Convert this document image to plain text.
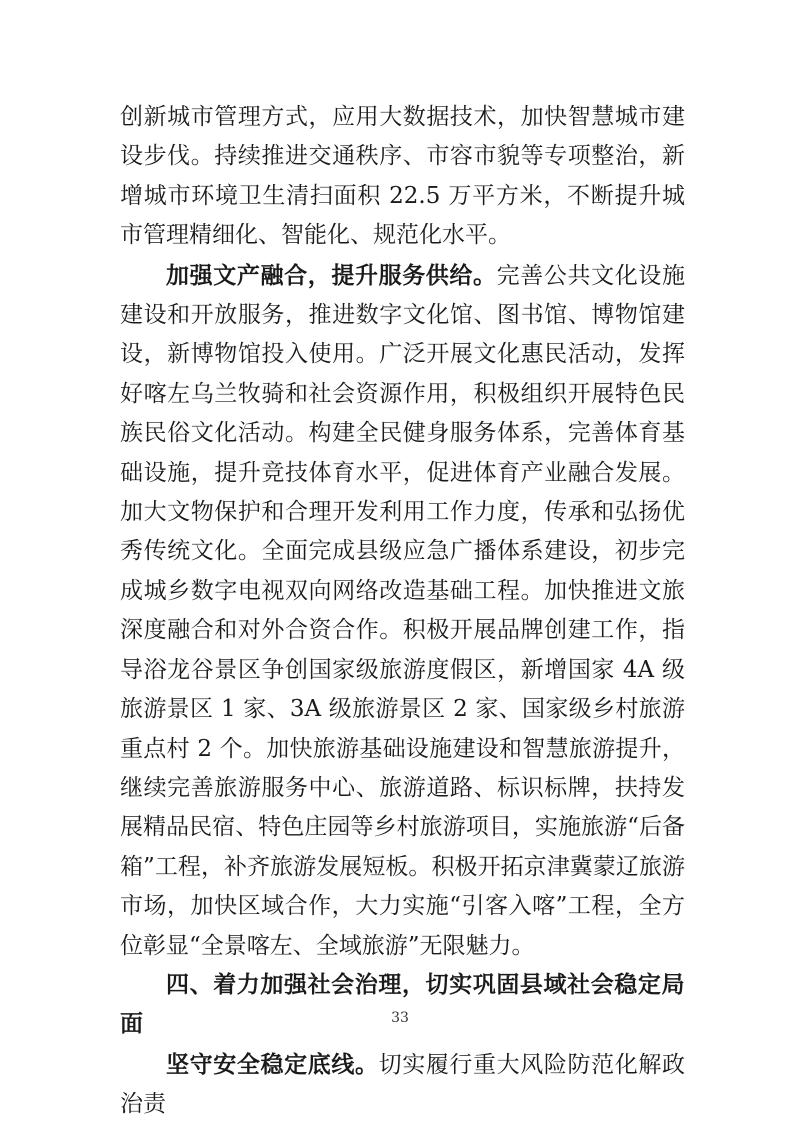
创新城市管理方式，应用大数据技术，加快智慧城市建设步伐。持续推进交通秩序、市容市貌等专项整治，新增城市环境卫生清扫面积 22.5 万平方米，不断提升城市管理精细化、智能化、规范化水平。

加强文产融合，提升服务供给。完善公共文化设施建设和开放服务，推进数字文化馆、图书馆、博物馆建设，新博物馆投入使用。广泛开展文化惠民活动，发挥好喀左乌兰牧骑和社会资源作用，积极组织开展特色民族民俗文化活动。构建全民健身服务体系，完善体育基础设施，提升竞技体育水平，促进体育产业融合发展。加大文物保护和合理开发利用工作力度，传承和弘扬优秀传统文化。全面完成县级应急广播体系建设，初步完成城乡数字电视双向网络改造基础工程。加快推进文旅深度融合和对外合资合作。积极开展品牌创建工作，指导浴龙谷景区争创国家级旅游度假区，新增国家 4A 级旅游景区 1 家、3A 级旅游景区 2 家、国家级乡村旅游重点村 2 个。加快旅游基础设施建设和智慧旅游提升，继续完善旅游服务中心、旅游道路、标识标牌，扶持发展精品民宿、特色庄园等乡村旅游项目，实施旅游“后备箱”工程，补齐旅游发展短板。积极开拓京津冀蒙辽旅游市场，加快区域合作，大力实施“引客入喀”工程，全方位彰显“全景喀左、全域旅游”无限魅力。

四、着力加强社会治理，切实巩固县域社会稳定局面

坚守安全稳定底线。切实履行重大风险防范化解政治责

33
